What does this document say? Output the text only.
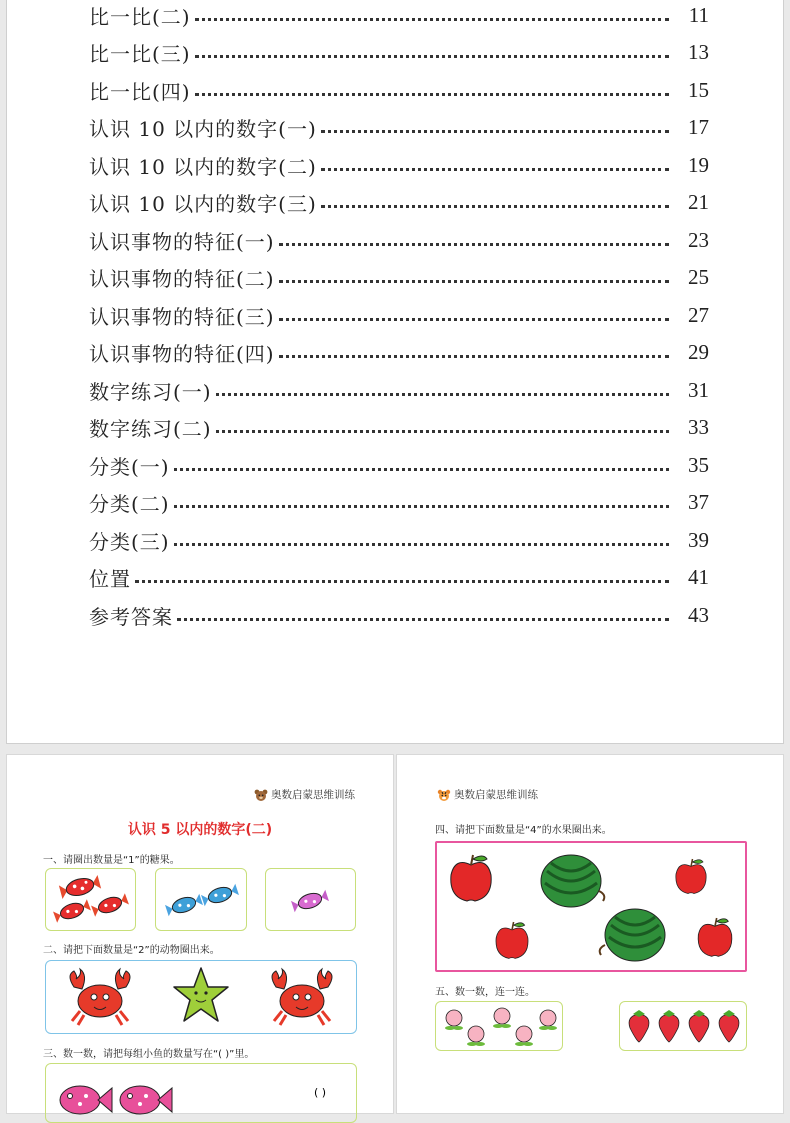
比一比(二)	11
比一比(三)	13
比一比(四)	15
认识 10 以内的数字(一)	17
认识 10 以内的数字(二)	19
认识 10 以内的数字(三)	21
认识事物的特征(一)	23
认识事物的特征(二)	25
认识事物的特征(三)	27
认识事物的特征(四)	29
数字练习(一)	31
数字练习(二)	33
分类(一)	35
分类(二)	37
分类(三)	39
位置	41
参考答案	43
奥数启蒙思维训练
认识 5 以内的数字(二)
一、请圈出数量是“1”的糖果。
二、请把下面数量是“2”的动物圈出来。
三、数一数，请把每组小鱼的数量写在“( )”里。
( )
奥数启蒙思维训练
四、请把下面数量是“4”的水果圈出来。
五、数一数，连一连。
